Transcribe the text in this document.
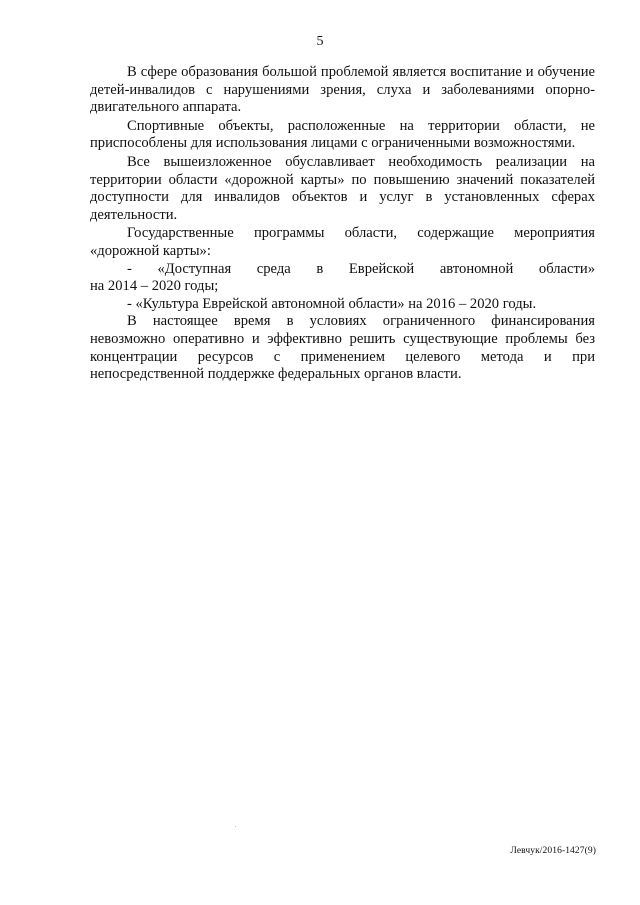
5

В сфере образования большой проблемой является воспитание и обучение детей-инвалидов с нарушениями зрения, слуха и заболеваниями опорно-двигательного аппарата.

Спортивные объекты, расположенные на территории области, не приспособлены для использования лицами с ограниченными возможностями.

Все вышеизложенное обуславливает необходимость реализации на территории области «дорожной карты» по повышению значений показателей доступности для инвалидов объектов и услуг в установленных сферах деятельности.

Государственные программы области, содержащие мероприятия «дорожной карты»:

- «Доступная среда в Еврейской автономной области»

на 2014 – 2020 годы;

- «Культура Еврейской автономной области» на 2016 – 2020 годы.

В настоящее время в условиях ограниченного финансирования невозможно оперативно и эффективно решить существующие проблемы без концентрации ресурсов с применением целевого метода и при непосредственной поддержке федеральных органов власти.

Левчук/2016-1427(9)
